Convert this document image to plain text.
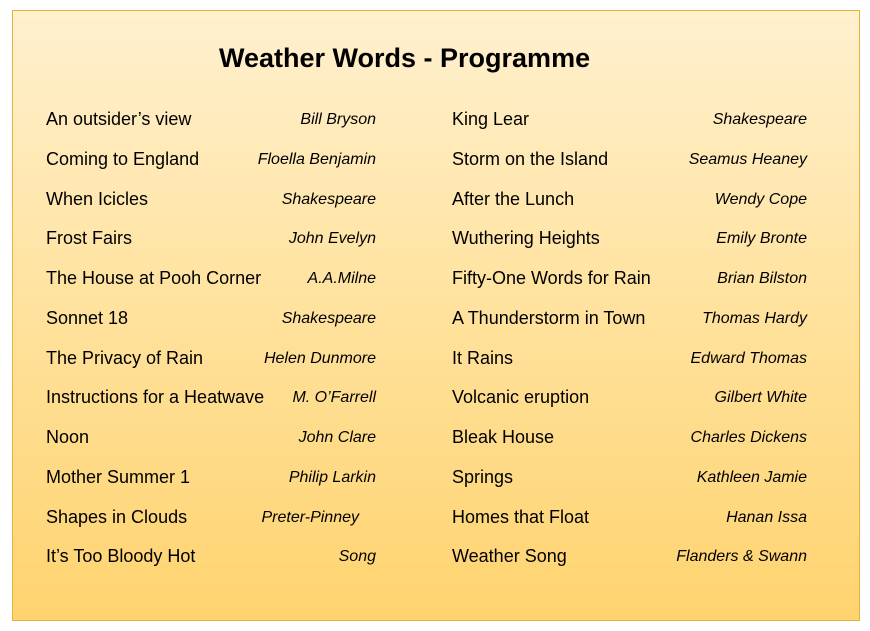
Weather Words - Programme
An outsider’s view	Bill Bryson
Coming to England	Floella Benjamin
When Icicles	Shakespeare
Frost Fairs	John Evelyn
The House at Pooh Corner	A.A.Milne
Sonnet 18	Shakespeare
The Privacy of Rain	Helen Dunmore
Instructions for a Heatwave M. O’Farrell
Noon	John Clare
Mother Summer 1	Philip Larkin
Shapes in Clouds	Preter-Pinney
It’s Too Bloody Hot	Song
King Lear	Shakespeare
Storm on the Island	Seamus Heaney
After the Lunch	Wendy Cope
Wuthering Heights	Emily Bronte
Fifty-One Words for Rain	Brian Bilston
A Thunderstorm in Town	Thomas Hardy
It Rains	Edward Thomas
Volcanic eruption	Gilbert White
Bleak House	Charles Dickens
Springs	Kathleen Jamie
Homes that Float	Hanan Issa
Weather Song	Flanders & Swann
